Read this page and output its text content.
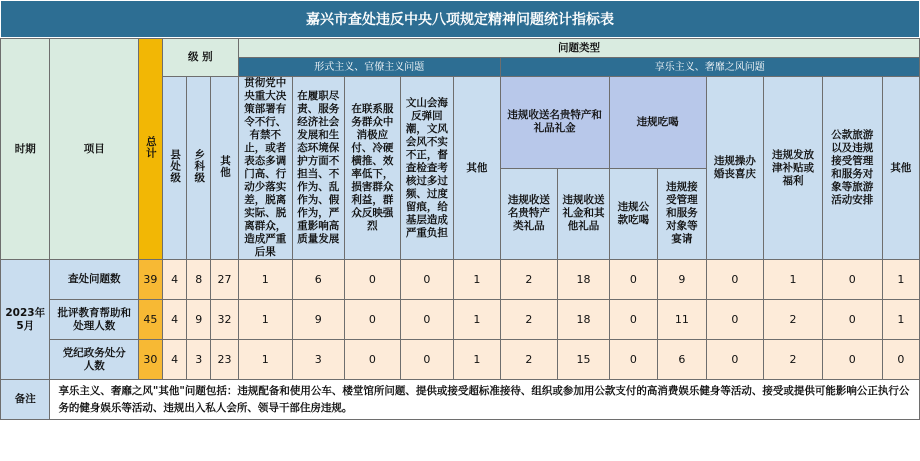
嘉兴市查处违反中央八项规定精神问题统计指标表
时期	项目	总计	级 别			问题类型												
						形式主义、官僚主义问题					享乐主义、奢靡之风问题							
			县处级	乡科级	其他	贯彻党中央重大决策部署有令不行、有禁不止，或者表态多调门高、行动少落实差，脱离实际、脱离群众，造成严重后果	在履职尽责、服务经济社会发展和生态环境保护方面不担当、不作为、乱作为、假作为，严重影响高质量发展	在联系服务群众中消极应付、冷硬横推、效率低下，损害群众利益，群众反映强烈	文山会海反弹回潮，文风会风不实不正，督查检查考核过多过频、过度留痕，给基层造成严重负担	其他	违规收送名贵特产和礼品礼金		违规吃喝		违规操办婚丧喜庆	违规发放津补贴或福利	公款旅游以及违规接受管理和服务对象等旅游活动安排	其他
											违规收送名贵特产类礼品	违规收送礼金和其他礼品	违规公款吃喝	违规接受管理和服务对象等宴请				
2023年5月	查处问题数	39	4	8	27	1	6	0	0	1	2	18	0	9	0	1	0	1
	批评教育帮助和处理人数	45	4	9	32	1	9	0	0	1	2	18	0	11	0	2	0	1
	党纪政务处分人数	30	4	3	23	1	3	0	0	1	2	15	0	6	0	2	0	0
备注	享乐主义、奢靡之风"其他"问题包括：违规配备和使用公车、楼堂馆所问题、提供或接受超标准接待、组织或参加用公款支付的高消费娱乐健身等活动、接受或提供可能影响公正执行公务的健身娱乐等活动、违规出入私人会所、领导干部住房违规。																	
